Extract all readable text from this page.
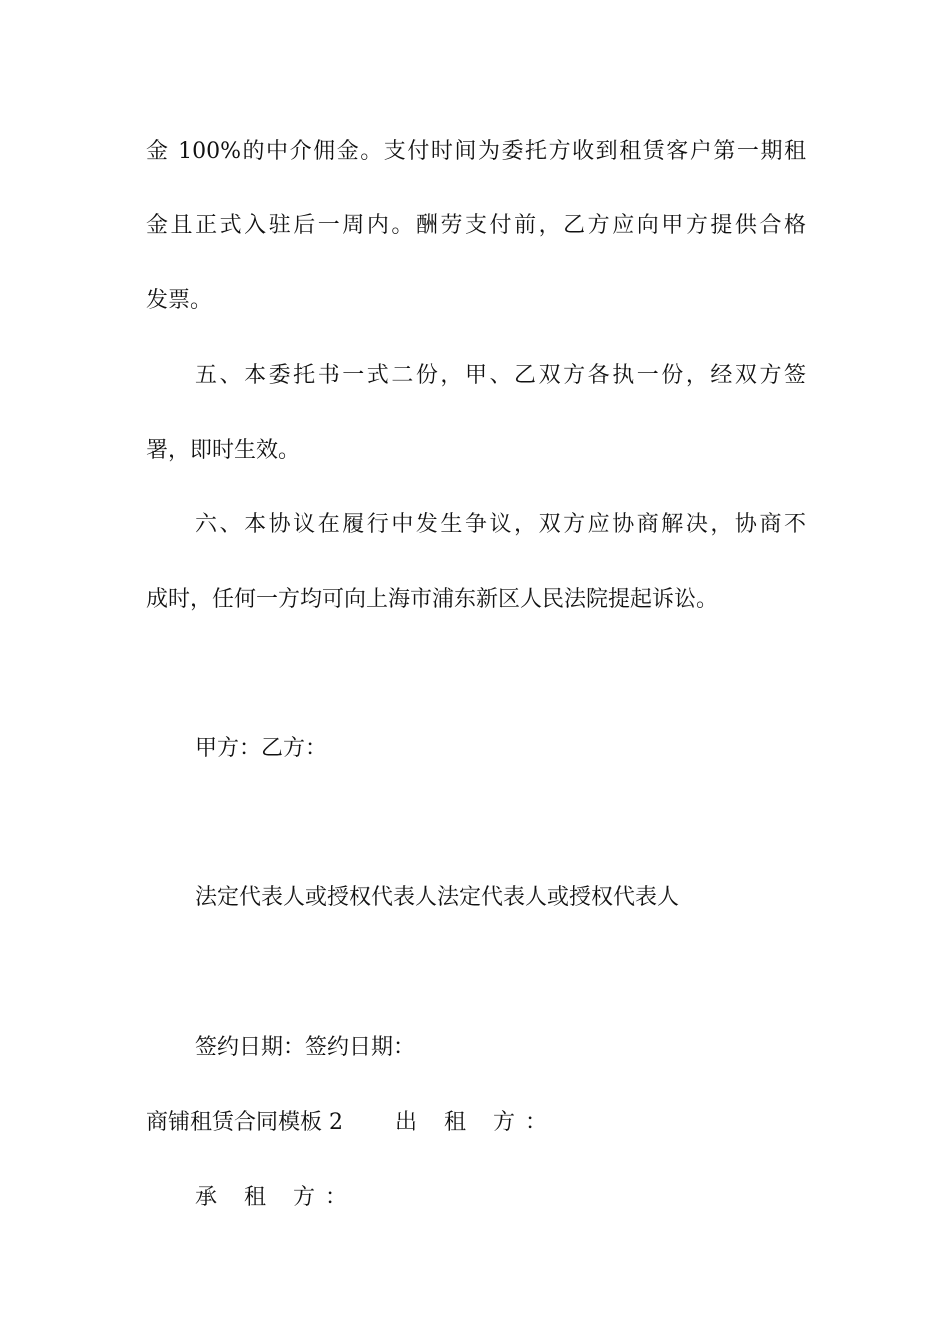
金 100%的中介佣金。支付时间为委托方收到租赁客户第一期租
金且正式入驻后一周内。酬劳支付前，乙方应向甲方提供合格
发票。
五、本委托书一式二份，甲、乙双方各执一份，经双方签
署，即时生效。
六、本协议在履行中发生争议，双方应协商解决，协商不
成时，任何一方均可向上海市浦东新区人民法院提起诉讼。
甲方：乙方：
法定代表人或授权代表人法定代表人或授权代表人
签约日期：签约日期：
商铺租赁合同模板 2 出 租 方：
承 租 方：
